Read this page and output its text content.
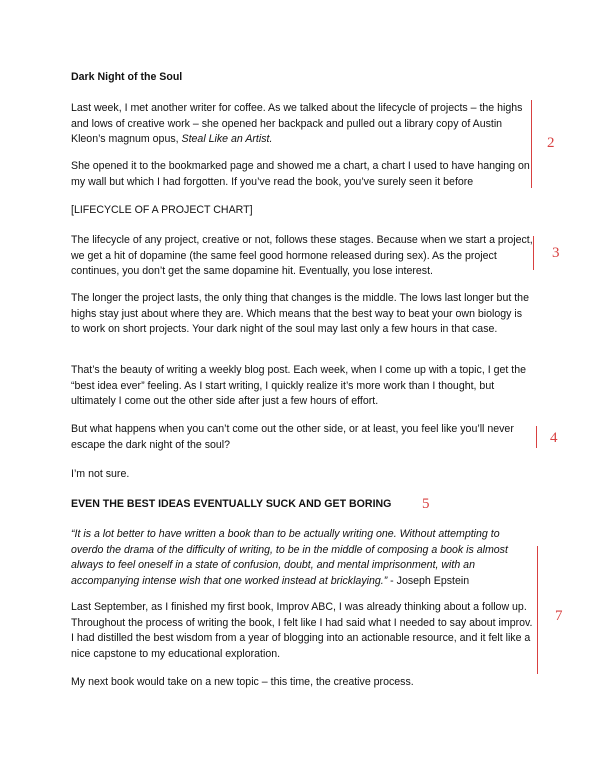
Dark Night of the Soul
Last week, I met another writer for coffee. As we talked about the lifecycle of projects – the highs and lows of creative work – she opened her backpack and pulled out a library copy of Austin Kleon’s magnum opus, Steal Like an Artist.
She opened it to the bookmarked page and showed me a chart, a chart I used to have hanging on my wall but which I had forgotten. If you’ve read the book, you’ve surely seen it before
[LIFECYCLE OF A PROJECT CHART]
The lifecycle of any project, creative or not, follows these stages. Because when we start a project, we get a hit of dopamine (the same feel good hormone released during sex). As the project continues, you don’t get the same dopamine hit. Eventually, you lose interest.
The longer the project lasts, the only thing that changes is the middle. The lows last longer but the highs stay just about where they are. Which means that the best way to beat your own biology is to work on short projects. Your dark night of the soul may last only a few hours in that case.
That’s the beauty of writing a weekly blog post. Each week, when I come up with a topic, I get the “best idea ever” feeling. As I start writing, I quickly realize it’s more work than I thought, but ultimately I come out the other side after just a few hours of effort.
But what happens when you can’t come out the other side, or at least, you feel like you’ll never escape the dark night of the soul?
I’m not sure.
EVEN THE BEST IDEAS EVENTUALLY SUCK AND GET BORING
“It is a lot better to have written a book than to be actually writing one. Without attempting to overdo the drama of the difficulty of writing, to be in the middle of composing a book is almost always to feel oneself in a state of confusion, doubt, and mental imprisonment, with an accompanying intense wish that one worked instead at bricklaying.” - Joseph Epstein
Last September, as I finished my first book, Improv ABC, I was already thinking about a follow up. Throughout the process of writing the book, I felt like I had said what I needed to say about improv. I had distilled the best wisdom from a year of blogging into an actionable resource, and it felt like a nice capstone to my educational exploration.
My next book would take on a new topic – this time, the creative process.
2
3
4
5
7
